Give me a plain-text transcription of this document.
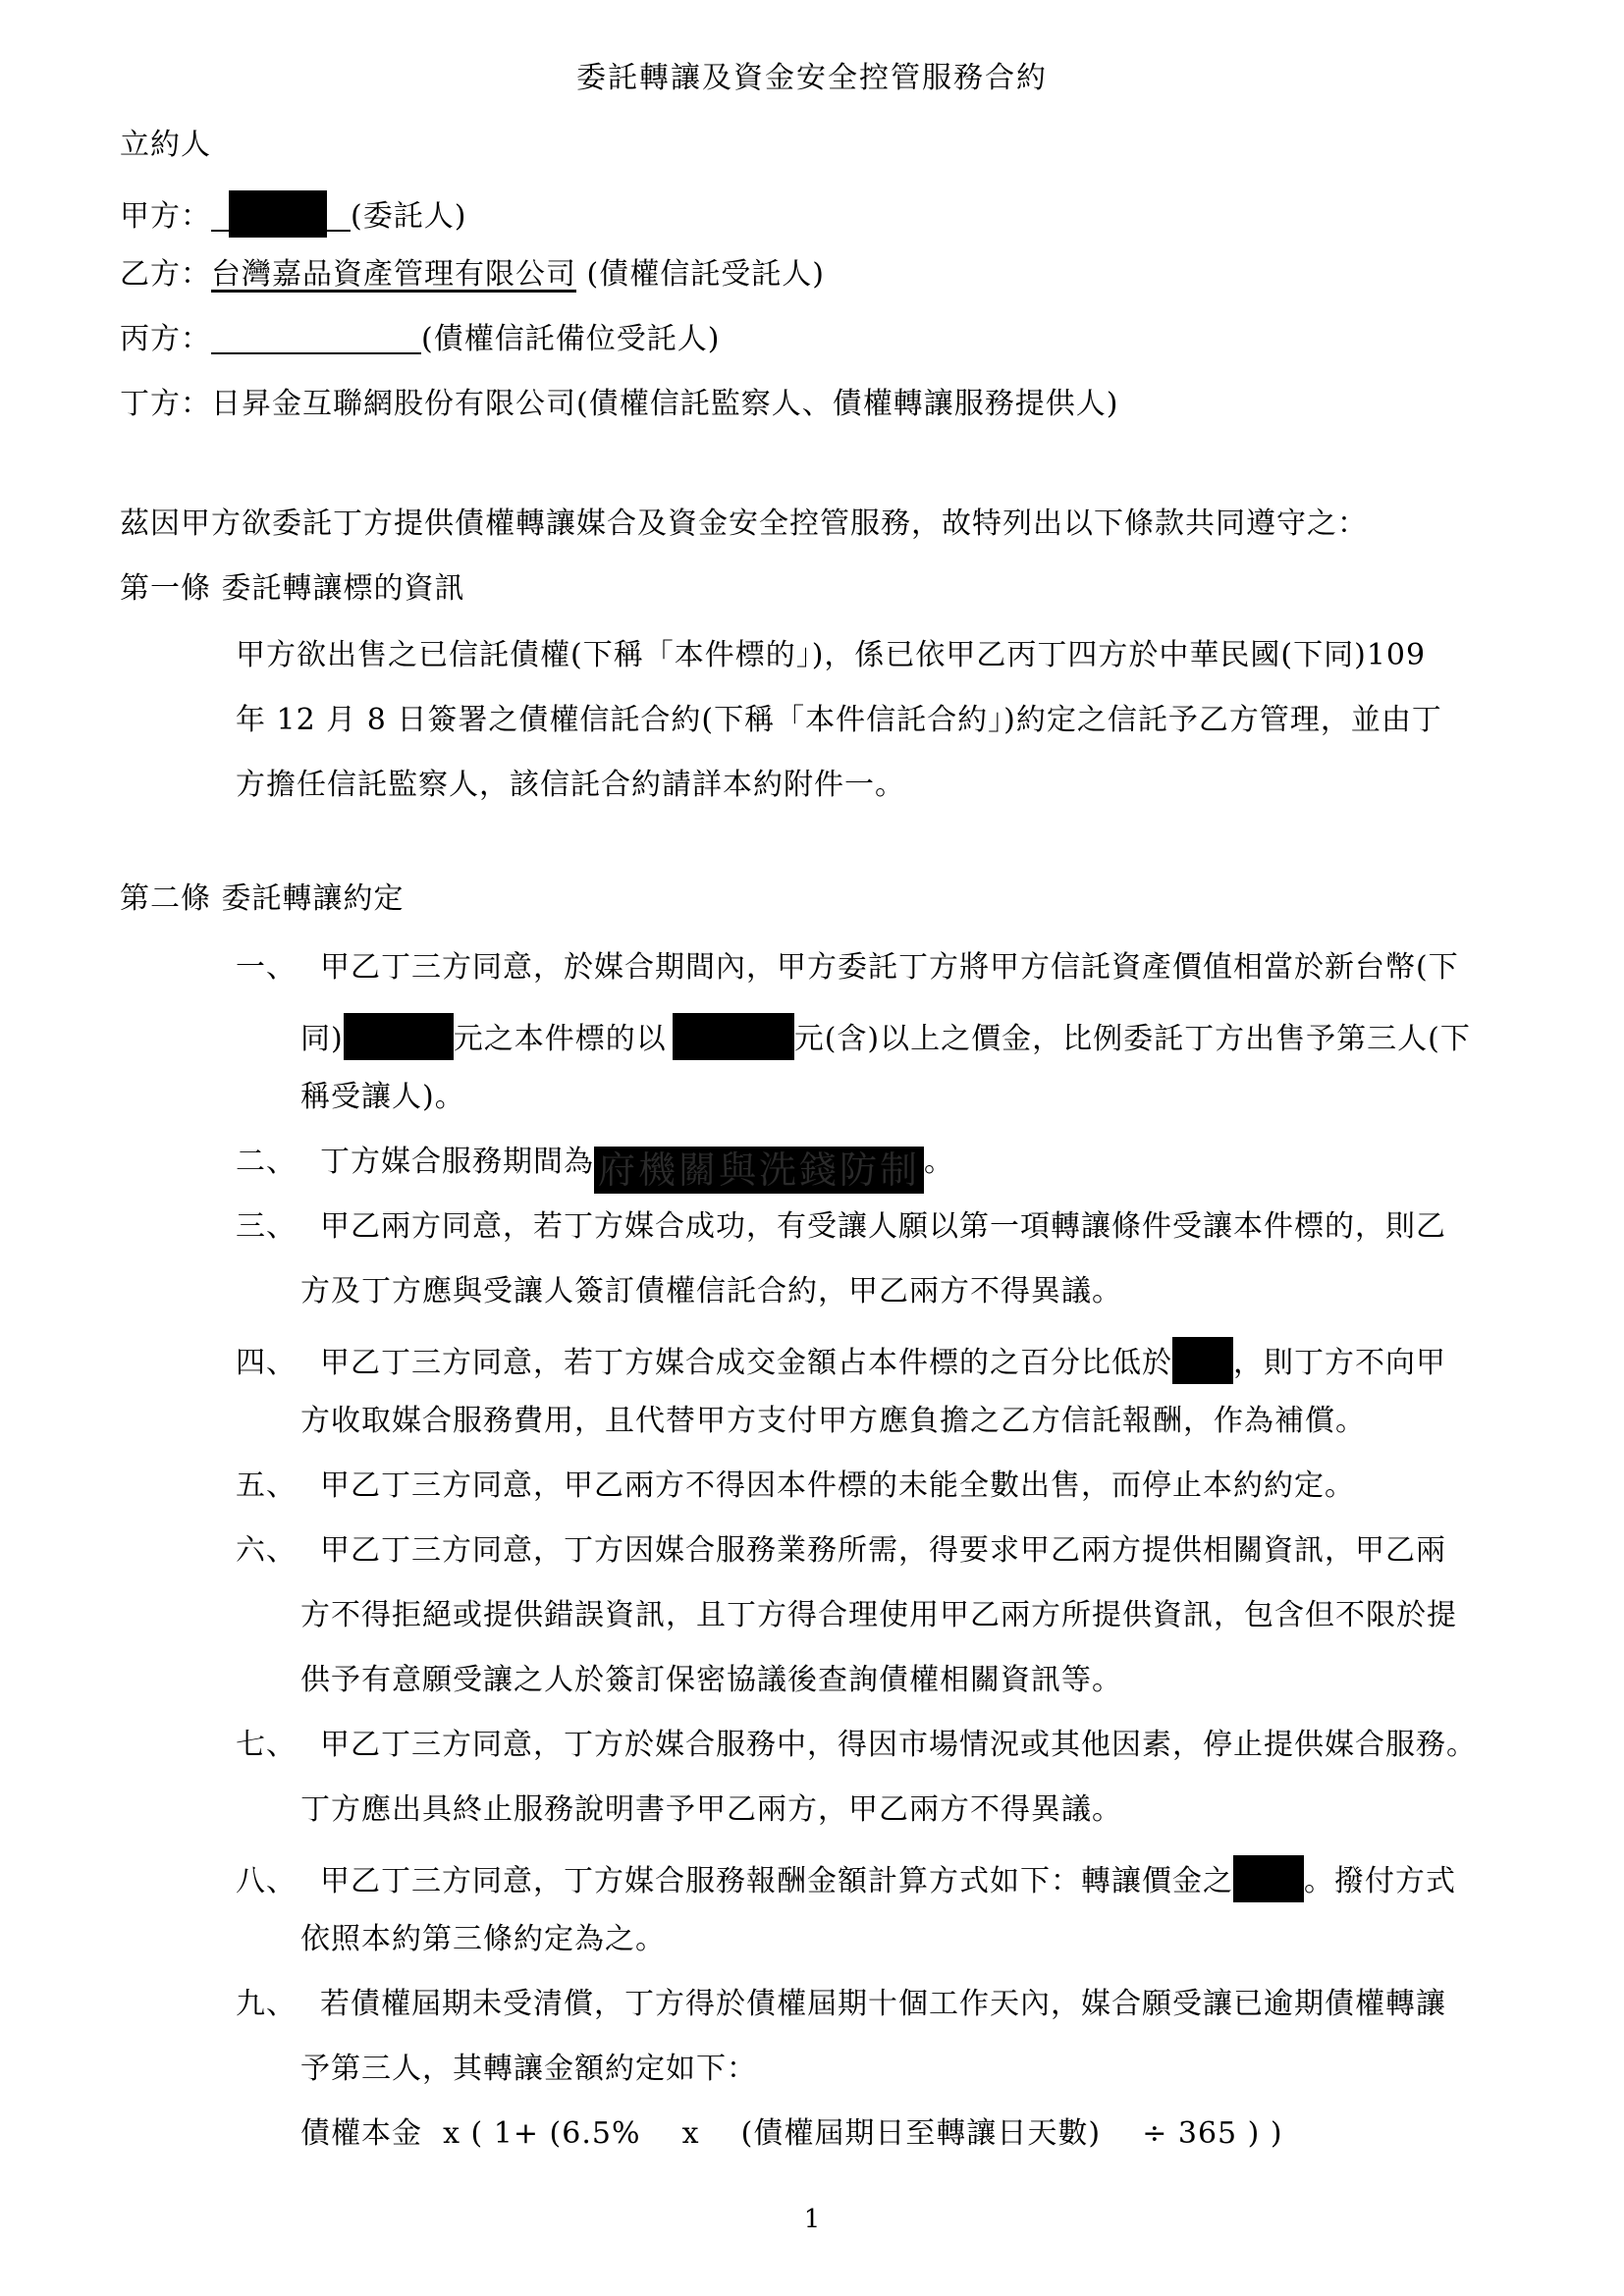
委託轉讓及資金安全控管服務合約
立約人
甲方：	(委託人)
乙方：台灣嘉品資產管理有限公司 (債權信託受託人)
丙方：	(債權信託備位受託人)
丁方：日昇金互聯網股份有限公司(債權信託監察人、債權轉讓服務提供人)
茲因甲方欲委託丁方提供債權轉讓媒合及資金安全控管服務，故特列出以下條款共同遵守之：
第一條 委託轉讓標的資訊
甲方欲出售之已信託債權(下稱「本件標的」)，係已依甲乙丙丁四方於中華民國(下同)109
年 12 月 8 日簽署之債權信託合約(下稱「本件信託合約」)約定之信託予乙方管理，並由丁
方擔任信託監察人，該信託合約請詳本約附件一。
第二條 委託轉讓約定
一、 甲乙丁三方同意，於媒合期間內，甲方委託丁方將甲方信託資產價值相當於新台幣(下
同)	元之本件標的以	元(含)以上之價金，比例委託丁方出售予第三人(下
稱受讓人)。
二、 丁方媒合服務期間為 府機關與洗錢防制 。
三、 甲乙兩方同意，若丁方媒合成功，有受讓人願以第一項轉讓條件受讓本件標的，則乙
方及丁方應與受讓人簽訂債權信託合約，甲乙兩方不得異議。
四、 甲乙丁三方同意，若丁方媒合成交金額占本件標的之百分比低於 ，則丁方不向甲
方收取媒合服務費用，且代替甲方支付甲方應負擔之乙方信託報酬，作為補償。
五、 甲乙丁三方同意，甲乙兩方不得因本件標的未能全數出售，而停止本約約定。
六、 甲乙丁三方同意，丁方因媒合服務業務所需，得要求甲乙兩方提供相關資訊，甲乙兩
方不得拒絕或提供錯誤資訊，且丁方得合理使用甲乙兩方所提供資訊，包含但不限於提
供予有意願受讓之人於簽訂保密協議後查詢債權相關資訊等。
七、 甲乙丁三方同意，丁方於媒合服務中，得因市場情況或其他因素，停止提供媒合服務。
丁方應出具終止服務說明書予甲乙兩方，甲乙兩方不得異議。
八、 甲乙丁三方同意，丁方媒合服務報酬金額計算方式如下：轉讓價金之 。撥付方式
依照本約第三條約定為之。
九、 若債權屆期未受清償，丁方得於債權屆期十個工作天內，媒合願受讓已逾期債權轉讓
予第三人，其轉讓金額約定如下：
債權本金  x ( 1+ (6.5%    x    (債權屆期日至轉讓日天數)    ÷ 365 ) )
1
